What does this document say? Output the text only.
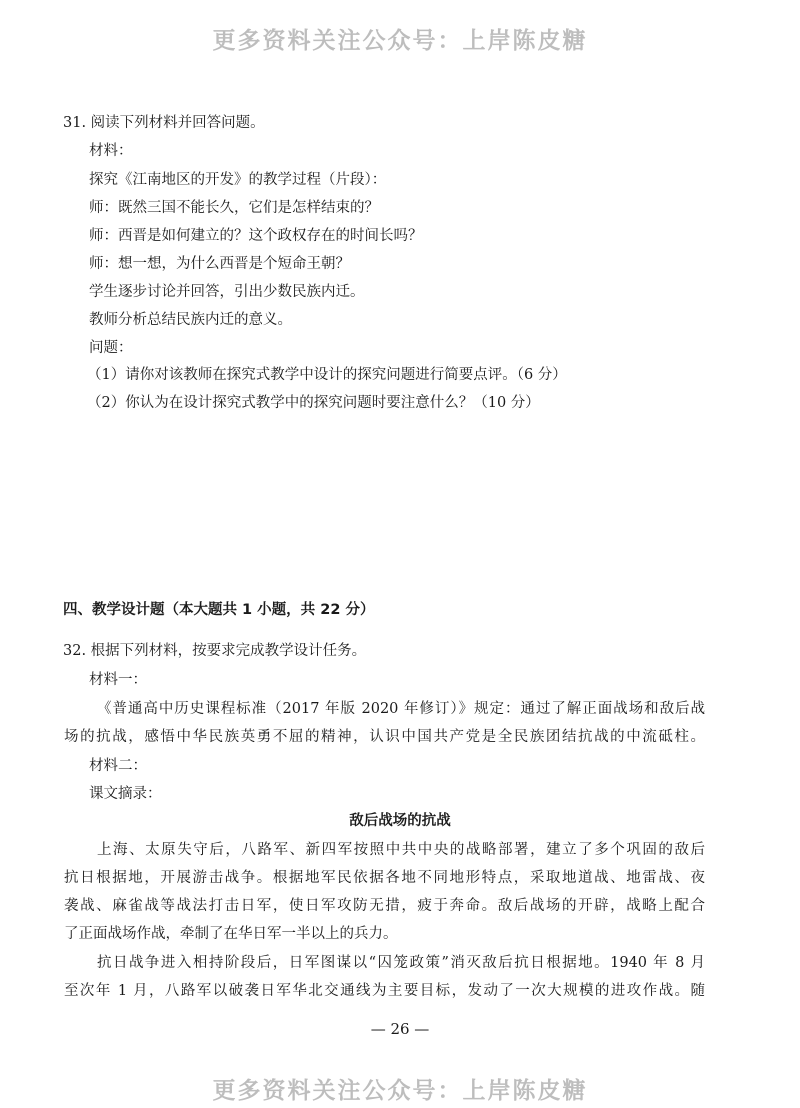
更多资料关注公众号：上岸陈皮糖
31. 阅读下列材料并回答问题。
材料：
探究《江南地区的开发》的教学过程（片段）：
师：既然三国不能长久，它们是怎样结束的？
师：西晋是如何建立的？这个政权存在的时间长吗？
师：想一想，为什么西晋是个短命王朝？
学生逐步讨论并回答，引出少数民族内迁。
教师分析总结民族内迁的意义。
问题：
（1）请你对该教师在探究式教学中设计的探究问题进行简要点评。（6 分）
（2）你认为在设计探究式教学中的探究问题时要注意什么？（10 分）
四、教学设计题（本大题共 1 小题，共 22 分）
32. 根据下列材料，按要求完成教学设计任务。
材料一：
《普通高中历史课程标准（2017 年版 2020 年修订）》规定：通过了解正面战场和敌后战
场的抗战，感悟中华民族英勇不屈的精神，认识中国共产党是全民族团结抗战的中流砥柱。
材料二：
课文摘录：
敌后战场的抗战
上海、太原失守后，八路军、新四军按照中共中央的战略部署，建立了多个巩固的敌后
抗日根据地，开展游击战争。根据地军民依据各地不同地形特点，采取地道战、地雷战、夜
袭战、麻雀战等战法打击日军，使日军攻防无措，疲于奔命。敌后战场的开辟，战略上配合
了正面战场作战，牵制了在华日军一半以上的兵力。
抗日战争进入相持阶段后，日军图谋以“囚笼政策”消灭敌后抗日根据地。1940 年 8 月
至次年 1 月，八路军以破袭日军华北交通线为主要目标，发动了一次大规模的进攻作战。随
— 26 —
更多资料关注公众号：上岸陈皮糖
